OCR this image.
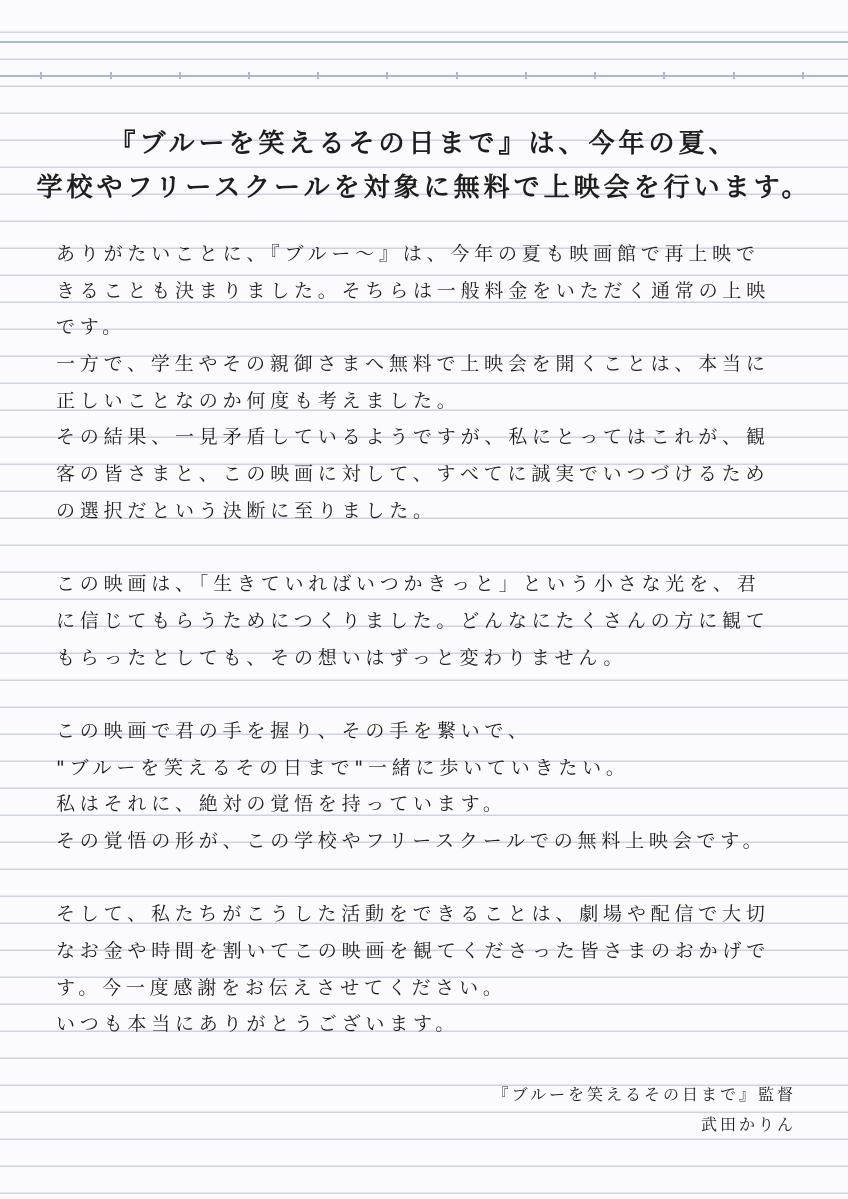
『ブルーを笑えるその日まで』は、今年の夏、
学校やフリースクールを対象に無料で上映会を行います。
ありがたいことに、『ブルー〜』は、今年の夏も映画館で再上映で
きることも決まりました。そちらは一般料金をいただく通常の上映
です。
一方で、学生やその親御さまへ無料で上映会を開くことは、本当に
正しいことなのか何度も考えました。
その結果、一見矛盾しているようですが、私にとってはこれが、観
客の皆さまと、この映画に対して、すべてに誠実でいつづけるため
の選択だという決断に至りました。
この映画は、「生きていればいつかきっと」という小さな光を、君
に信じてもらうためにつくりました。どんなにたくさんの方に観て
もらったとしても、その想いはずっと変わりません。
この映画で君の手を握り、その手を繋いで、
"ブルーを笑えるその日まで"一緒に歩いていきたい。
私はそれに、絶対の覚悟を持っています。
その覚悟の形が、この学校やフリースクールでの無料上映会です。
そして、私たちがこうした活動をできることは、劇場や配信で大切
なお金や時間を割いてこの映画を観てくださった皆さまのおかげで
す。今一度感謝をお伝えさせてください。
いつも本当にありがとうございます。
『ブルーを笑えるその日まで』監督
武田かりん
